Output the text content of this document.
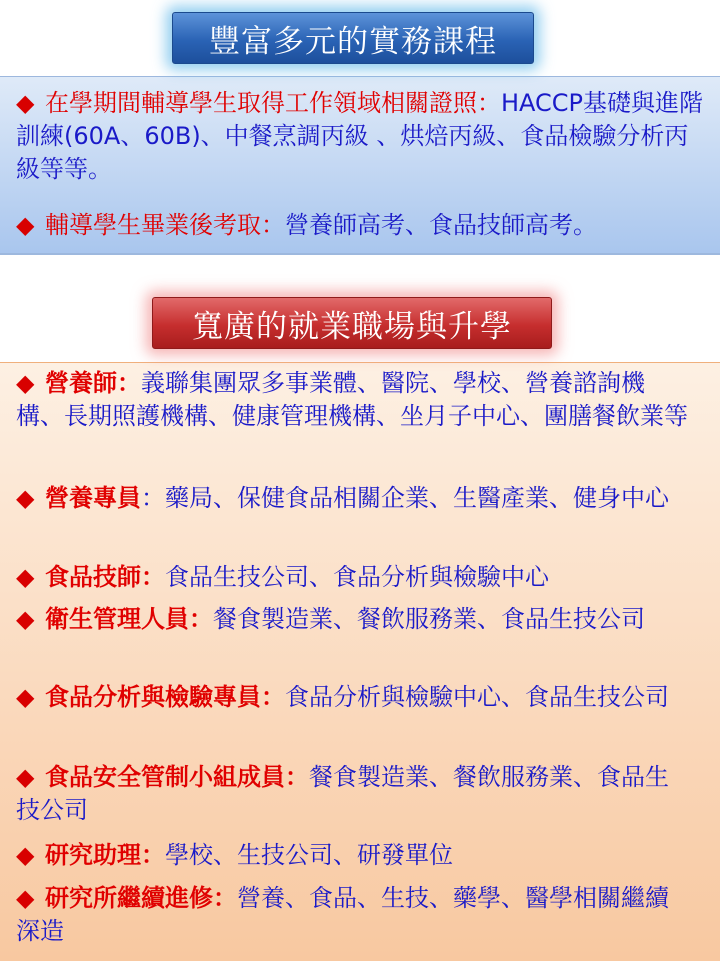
豐富多元的實務課程
◆ 在學期間輔導學生取得工作領域相關證照：HACCP基礎與進階訓練(60A、60B)、中餐烹調丙級 、烘焙丙級、食品檢驗分析丙級等等。
◆ 輔導學生畢業後考取：營養師高考、食品技師高考。
寬廣的就業職場與升學
◆ 營養師：義聯集團眾多事業體、醫院、學校、營養諮詢機構、長期照護機構、健康管理機構、坐月子中心、團膳餐飲業等
◆ 營養專員：藥局、保健食品相關企業、生醫產業、健身中心
◆ 食品技師：食品生技公司、食品分析與檢驗中心
◆ 衛生管理人員：餐食製造業、餐飲服務業、食品生技公司
◆ 食品分析與檢驗專員：食品分析與檢驗中心、食品生技公司
◆ 食品安全管制小組成員：餐食製造業、餐飲服務業、食品生技公司
◆ 研究助理：學校、生技公司、研發單位
◆ 研究所繼續進修：營養、食品、生技、藥學、醫學相關繼續深造
